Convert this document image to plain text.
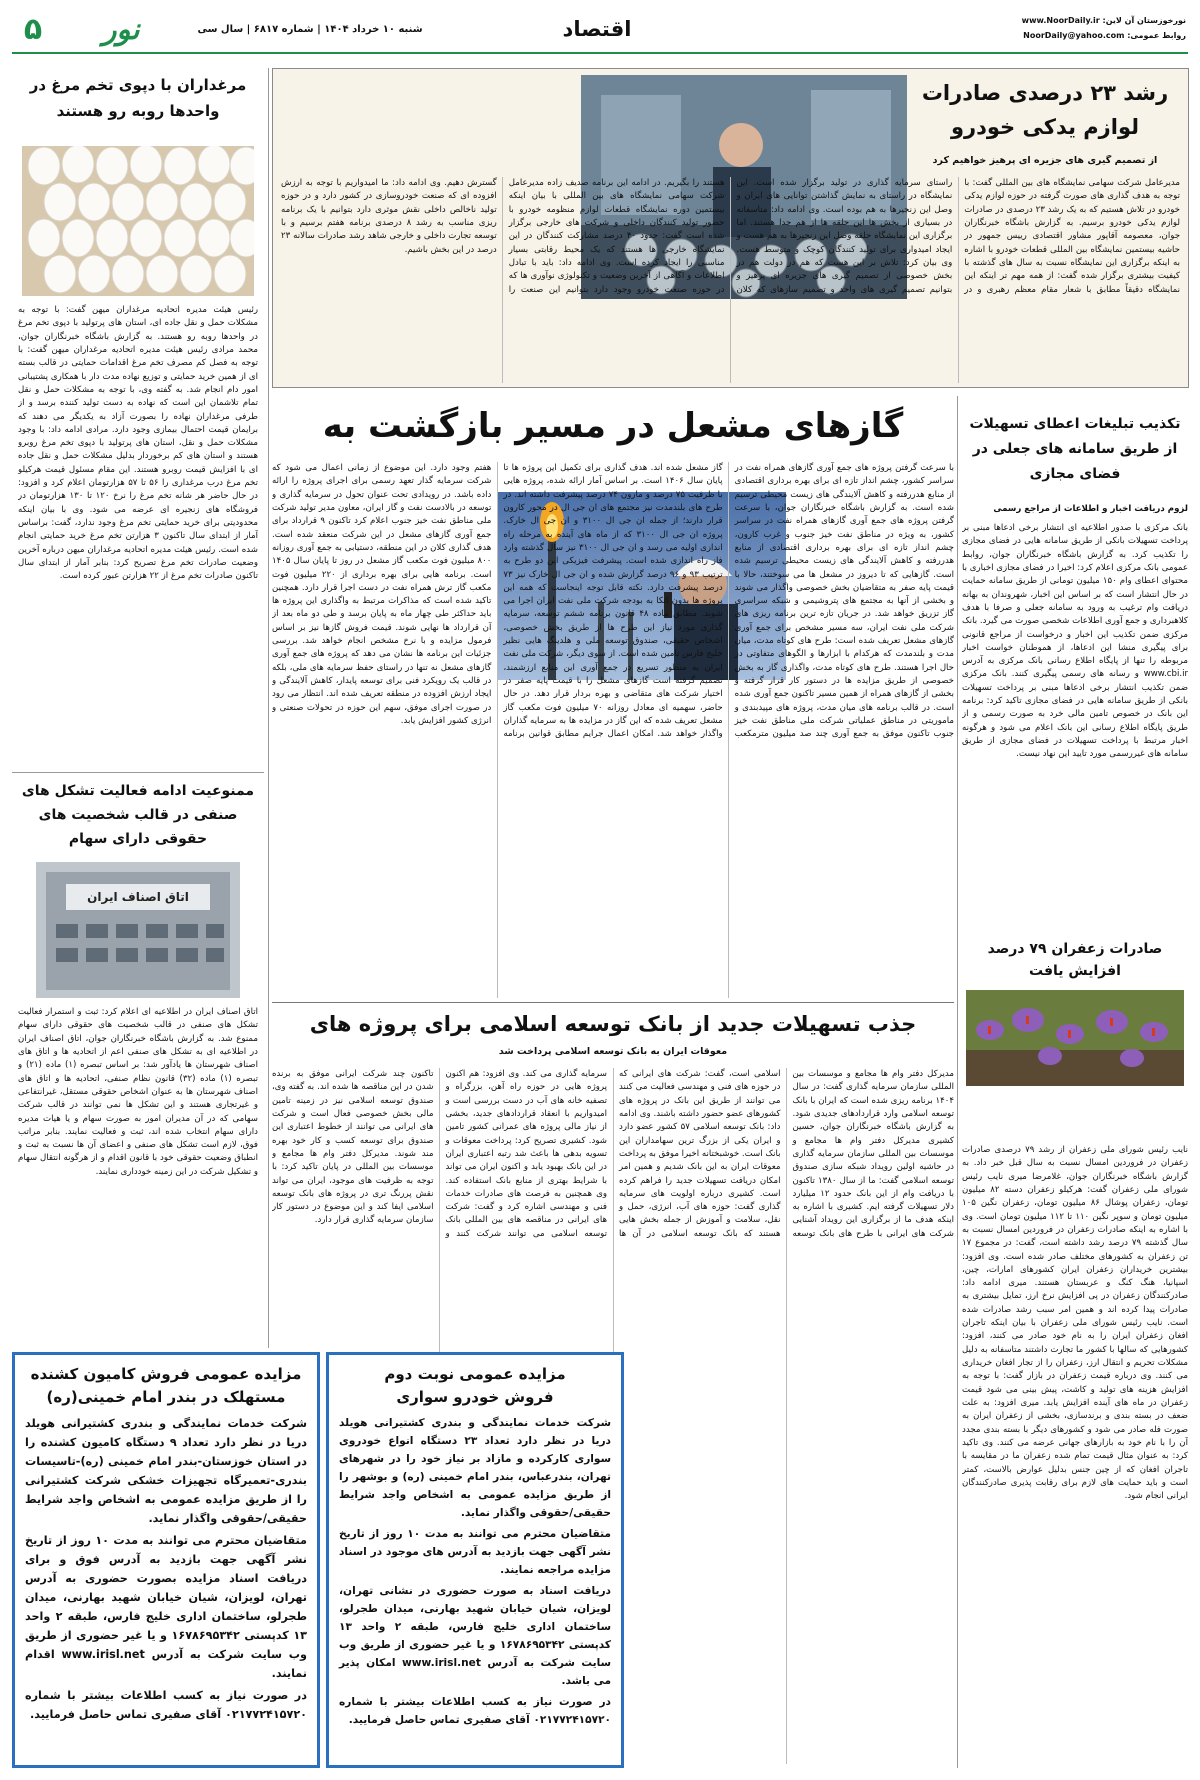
۵	نور	شنبه ۱۰ خرداد ۱۴۰۴ | شماره ۶۸۱۷ | سال سی	اقتصاد	نورخوزستان آن لاین: www.NoorDaily.ir
روابط عمومی: NoorDaily@yahoo.com
رشد ۲۳ درصدی صادرات لوازم یدکی خودرو
از تصمیم گیری های جزیره ای پرهیز خواهیم کرد
مدیرعامل شرکت سهامی نمایشگاه های بین المللی گفت: با توجه به هدف گذاری های صورت گرفته در حوزه لوازم یدکی خودرو در تلاش هستیم که به یک رشد ۲۳ درصدی در صادرات لوازم یدکی خودرو برسیم. به گزارش باشگاه خبرنگاران جوان، معصومه آقاپور مشاور اقتصادی رییس جمهور در حاشیه بیستمین نمایشگاه بین المللی قطعات خودرو با اشاره به اینکه برگزاری این نمایشگاه نسبت به سال های گذشته با کیفیت بیشتری برگزار شده گفت: از همه مهم تر اینکه این نمایشگاه دقیقاً مطابق با شعار مقام معظم رهبری و در راستای سرمایه گذاری در تولید برگزار شده است. این نمایشگاه در راستای به نمایش گذاشتن توانایی های ایران و وصل این زنجیرها به هم بوده است. وی ادامه داد: متاسفانه در بسیاری از بخش ها این حلقه ها از هم جدا هستند. اما برگزاری این نمایشگاه حلقه وصل این زنجیرها به هم هست و ایجاد امیدواری برای تولید کنندگان کوچک و متوسط هست. وی بیان کرد: تلاش بر این هست که هم در دولت هم در بخش خصوصی از تصمیم گیری های جزیره ای پرهیز و بتوانیم تصمیم گیری های واحد و تصمیم سازهای که کلان هستند را بگیریم. در ادامه این برنامه صدیف زاده مدیرعامل شرکت سهامی نمایشگاه های بین المللی با بیان اینکه بیستمین دوره نمایشگاه قطعات لوازم منظومه خودرو با حضور تولید کنندگان داخلی و شرکت های خارجی برگزار شده است گفت: حدود ۴۰ درصد مشارکت کنندگان در این نمایشگاه خارجی ها هستند که یک محیط رقابتی بسیار مناسبی را ایجاد کرده است. وی ادامه داد: باید با تبادل اطلاعات و آگاهی از آخرین وضعیت و تکنولوژی نوآوری ها که در حوزه صنعت خودرو وجود دارد بتوانیم این صنعت را گسترش دهیم. وی ادامه داد: ما امیدواریم با توجه به ارزش افزوده ای که صنعت خودروسازی در کشور دارد و در حوزه تولید ناخالص داخلی نقش موثری دارد بتوانیم با یک برنامه ریزی مناسب به رشد ۸ درصدی برنامه هفتم برسیم و با توسعه تجارت داخلی و خارجی شاهد رشد صادرات سالانه ۲۳ درصد در این بخش باشیم.
مرغداران با دپوی تخم مرغ در واحدها روبه رو هستند
رئیس هیئت مدیره اتحادیه مرغداران میهن گفت: با توجه به مشکلات حمل و نقل جاده ای، استان های پرتولید با دپوی تخم مرغ در واحدها روبه رو هستند. به گزارش باشگاه خبرنگاران جوان، محمد مرادی رئیس هیئت مدیره اتحادیه مرغداران میهن گفت: با توجه به فصل کم مصرف تخم مرغ اقدامات حمایتی در قالب بسته ای از همین خرید حمایتی و توزیع نهاده مدت دار با همکاری پشتیبانی امور دام انجام شد. به گفته وی، با توجه به مشکلات حمل و نقل تمام تلاشمان این است که نهاده به دست تولید کننده برسد و از طرفی مرغداران نهاده را بصورت آزاد به یکدیگر می دهند که برایمان قیمت احتمال بیمازی وجود دارد. مرادی ادامه داد: با وجود مشکلات حمل و نقل، استان های پرتولید با دپوی تخم مرغ روبرو هستند و استان های کم برخوردار بدلیل مشکلات حمل و نقل جاده ای با افزایش قیمت روبرو هستند. این مقام مسئول قیمت هرکیلو تخم مرغ درب مرغداری را ۵۶ تا ۵۷ هزارتومان اعلام کرد و افزود: در حال حاضر هر شانه تخم مرغ را نرخ ۱۲۰ تا ۱۳۰ هزارتومان در فروشگاه های زنجیره ای عرضه می شود. وی با بیان اینکه محدودیتی برای خرید حمایتی تخم مرغ وجود ندارد، گفت: براساس آمار از ابتدای سال تاکنون ۳ هزارتن تخم مرغ خرید حمایتی انجام شده است. رئیس هیئت مدیره اتحادیه مرغداران میهن درباره آخرین وضعیت صادرات تخم مرغ تصریح کرد: بنابر آمار از ابتدای سال تاکنون صادرات تخم مرغ از ۲۲ هزارتن عبور کرده است.
ممنوعیت ادامه فعالیت تشکل های صنفی در قالب شخصیت های حقوقی دارای سهام
اتاق اصناف ایران
اتاق اصناف ایران در اطلاعیه ای اعلام کرد: ثبت و استمرار فعالیت تشکل های صنفی در قالب شخصیت های حقوقی دارای سهام ممنوع شد. به گزارش باشگاه خبرنگاران جوان، اتاق اصناف ایران در اطلاعیه ای به تشکل های صنفی اعم از اتحادیه ها و اتاق های اصناف شهرستان ها یادآور شد: بر اساس تبصره (۱) ماده (۲۱) و تبصره (۱) ماده (۳۲) قانون نظام صنفی، اتحادیه ها و اتاق های اصناف شهرستان ها به عنوان اشخاص حقوقی مستقل، غیرانتفاعی و غیرتجاری هستند و این تشکل ها نمی توانند در قالب شرکت سهامی که در آن مدیران امور به صورت سهام و یا هیات مدیره دارای سهام انتخاب شده اند، ثبت و فعالیت نمایند. بنابر مراتب فوق، لازم است تشکل های صنفی و اعضای آن ها نسبت به ثبت و انطباق وضعیت حقوقی خود با قانون اقدام و از هرگونه انتقال سهام و تشکیل شرکت در این زمینه خودداری نمایند.
تکذیب تبلیغات اعطای تسهیلات از طریق سامانه های جعلی در فضای مجازی
لزوم دریافت اخبار و اطلاعات از مراجع رسمی
بانک مرکزی با صدور اطلاعیه ای انتشار برخی ادعاها مبنی بر پرداخت تسهیلات بانکی از طریق سامانه هایی در فضای مجازی را تکذیب کرد. به گزارش باشگاه خبرنگاران جوان، روابط عمومی بانک مرکزی اعلام کرد: اخیرا در فضای مجازی اخباری با محتوای اعطای وام ۱۵۰ میلیون تومانی از طریق سامانه حمایت در حال انتشار است که بر اساس این اخبار، شهروندان به بهانه دریافت وام ترغیب به ورود به سامانه جعلی و صرفا با هدف کلاهبرداری و جمع آوری اطلاعات شخصی صورت می گیرد. بانک مرکزی ضمن تکذیب این اخبار و درخواست از مراجع قانونی برای پیگیری منشا این ادعاها، از هموطنان خواست اخبار مربوطه را تنها از پایگاه اطلاع رسانی بانک مرکزی به آدرس www.cbi.ir و رسانه های رسمی پیگیری کنند. بانک مرکزی ضمن تکذیب انتشار برخی ادعاها مبنی بر پرداخت تسهیلات بانکی از طریق سامانه هایی در فضای مجازی تاکید کرد: برنامه این بانک در خصوص تامین مالی خرد به صورت رسمی و از طریق پایگاه اطلاع رسانی این بانک اعلام می شود و هرگونه اخبار مرتبط با پرداخت تسهیلات در فضای مجازی از طریق سامانه های غیررسمی مورد تایید این نهاد نیست.
صادرات زعفران ۷۹ درصد افزایش یافت
نایب رئیس شورای ملی زعفران از رشد ۷۹ درصدی صادرات زعفران در فروردین امسال نسبت به سال قبل خبر داد. به گزارش باشگاه خبرنگاران جوان، غلامرضا میری نایب رئیس شورای ملی زعفران گفت: هرکیلو زعفران دسته ۸۲ میلیون تومان، زعفران پوشال ۸۶ میلیون تومان، زعفران نگین ۱۰۵ میلیون تومان و سوپر نگین ۱۱۰ تا ۱۱۲ میلیون تومان است. وی با اشاره به اینکه صادرات زعفران در فروردین امسال نسبت به سال گذشته ۷۹ درصد رشد داشته است، گفت: در مجموع ۱۷ تن زعفران به کشورهای مختلف صادر شده است. وی افزود: بیشترین خریداران زعفران ایران کشورهای امارات، چین، اسپانیا، هنگ کنگ و عربستان هستند. میری ادامه داد: صادرکنندگان زعفران در پی افزایش نرخ ارز، تمایل بیشتری به صادرات پیدا کرده اند و همین امر سبب رشد صادرات شده است. نایب رئیس شورای ملی زعفران با بیان اینکه تاجران افغان زعفران ایران را به نام خود صادر می کنند، افزود: کشورهایی که سالها با کشور ما تجارت داشتند متاسفانه به دلیل مشکلات تحریم و انتقال ارز، زعفران را از تجار افغان خریداری می کنند. وی درباره قیمت زعفران در بازار گفت: با توجه به افزایش هزینه های تولید و کاشت، پیش بینی می شود قیمت زعفران در ماه های آینده افزایش یابد. میری افزود: به علت ضعف در بسته بندی و برندسازی، بخشی از زعفران ایران به صورت فله صادر می شود و کشورهای دیگر با بسته بندی مجدد آن را با نام خود به بازارهای جهانی عرضه می کنند. وی تاکید کرد: به عنوان مثال قیمت تمام شده زعفران ما در مقایسه با تاجران افغان که از چین جنس بدلیل عوارض بالاست، کمتر است و باید حمایت های لازم برای رقابت پذیری صادرکنندگان ایرانی انجام شود.
گازهای مشعل در مسیر بازگشت به
با سرعت گرفتن پروژه های جمع آوری گازهای همراه نفت در سراسر کشور، چشم انداز تازه ای برای بهره برداری اقتصادی از منابع هدررفته و کاهش آلایندگی های زیست محیطی ترسیم شده است. به گزارش باشگاه خبرنگاران جوان، با سرعت گرفتن پروژه های جمع آوری گازهای همراه نفت در سراسر کشور، به ویژه در مناطق نفت خیز جنوب و غرب کارون، چشم انداز تازه ای برای بهره برداری اقتصادی از منابع هدررفته و کاهش آلایندگی های زیست محیطی ترسیم شده است. گازهایی که تا دیروز در مشعل ها می سوختند، حالا با قیمت پایه صفر به متقاضیان بخش خصوصی واگذار می شوند و بخشی از آنها به مجتمع های پتروشیمی و شبکه سراسری گاز تزریق خواهد شد. در جریان تازه ترین برنامه ریزی های شرکت ملی نفت ایران، سه مسیر مشخص برای جمع آوری گازهای مشعل تعریف شده است: طرح های کوتاه مدت، میان مدت و بلندمدت که هرکدام با ابزارها و الگوهای متفاوتی در حال اجرا هستند. طرح های کوتاه مدت، واگذاری گاز به بخش خصوصی از طریق مزایده ها در دستور کار قرار گرفته و بخشی از گازهای همراه از همین مسیر تاکنون جمع آوری شده است. در قالب برنامه های میان مدت، پروژه های مپیدبندی و ماموریتی در مناطق عملیاتی شرکت ملی مناطق نفت خیز جنوب تاکنون موفق به جمع آوری چند صد میلیون مترمکعب گاز مشعل شده اند. هدف گذاری برای تکمیل این پروژه ها تا پایان سال ۱۴۰۶ است. بر اساس آمار ارائه شده، پروژه هایی با ظرفیت ۷۵ درصد و مارون ۷۴ درصد پیشرفت داشته اند. در طرح های بلندمدت نیز مجتمع های ان جی ال در محور کارون قرار دارند؛ از جمله ان جی ال ۳۱۰۰ و ان جی ال خارک. پروژه ان جی ال ۳۱۰۰ که از ماه های آینده به مرحله راه اندازی اولیه می رسد و ان جی ال ۳۱۰۰ نیز سال گذشته وارد فاز راه اندازی شده است. پیشرفت فیزیکی این دو طرح به ترتیب ۹۳ و ۹۶ درصد گزارش شده و ان جی ال خارک نیز ۷۳ درصد پیشرفت دارد. نکته قابل توجه اینجاست که همه این پروژه ها بدون اتکا به بودجه شرکت ملی نفت ایران اجرا می شوند. مطابق ماده ۴۸ قانون برنامه ششم توسعه، سرمایه گذاری مورد نیاز این طرح ها از طریق بخش خصوصی، اشخاص حقیقی، صندوق توسعه ملی و هلدینگ هایی نظیر خلیج فارس تامین شده است. از سوی دیگر، شرکت ملی نفت ایران به منظور تسریع در جمع آوری این منابع ارزشمند، تصمیم گرفته است گازهای مشعل را با قیمت پایه صفر در اختیار شرکت های متقاضی و بهره بردار قرار دهد. در حال حاضر، سهمیه ای معادل روزانه ۷۰ میلیون فوت مکعب گاز مشعل تعریف شده که این گاز در مزایده ها به سرمایه گذاران واگذار خواهد شد. امکان اعمال جرایم مطابق قوانین برنامه هفتم وجود دارد. این موضوع از زمانی اعمال می شود که شرکت سرمایه گذار تعهد رسمی برای اجرای پروژه را ارائه داده باشد. در رویدادی تحت عنوان تحول در سرمایه گذاری و توسعه در بالادست نفت و گاز ایران، معاون مدیر تولید شرکت ملی مناطق نفت خیز جنوب اعلام کرد تاکنون ۹ قرارداد برای جمع آوری گازهای مشعل در این شرکت منعقد شده است. هدف گذاری کلان در این منطقه، دستیابی به جمع آوری روزانه ۸۰۰ میلیون فوت مکعب گاز مشعل در روز تا پایان سال ۱۴۰۵ است. برنامه هایی برای بهره برداری از ۲۲۰ میلیون فوت مکعب گاز ترش همراه نفت در دست اجرا قرار دارد. همچنین تاکید شده است که مذاکرات مرتبط به واگذاری این پروژه ها باید حداکثر طی چهار ماه به پایان برسد و طی دو ماه بعد از آن قرارداد ها نهایی شوند. قیمت فروش گازها نیز بر اساس فرمول مزایده و با نرخ مشخص انجام خواهد شد. بررسی جزئیات این برنامه ها نشان می دهد که پروژه های جمع آوری گازهای مشعل نه تنها در راستای حفظ سرمایه های ملی، بلکه در قالب یک رویکرد فنی برای توسعه پایدار، کاهش آلایندگی و ایجاد ارزش افزوده در منطقه تعریف شده اند. انتظار می رود در صورت اجرای موفق، سهم این حوزه در تحولات صنعتی و انرژی کشور افزایش یابد.
جذب تسهیلات جدید از بانک توسعه اسلامی برای پروژه های
معوقات ایران به بانک توسعه اسلامی پرداخت شد
مدیرکل دفتر وام ها مجامع و موسسات بین المللی سازمان سرمایه گذاری گفت: در سال ۱۴۰۴ برنامه ریزی شده است که ایران با بانک توسعه اسلامی وارد قراردادهای جدیدی شود. به گزارش باشگاه خبرنگاران جوان، حسین کشیری مدیرکل دفتر وام ها مجامع و موسسات بین المللی سازمان سرمایه گذاری در حاشیه اولین رویداد شبکه سازی صندوق توسعه اسلامی گفت: ما از سال ۱۳۸۰ تاکنون با دریافت وام از این بانک حدود ۱۲ میلیارد دلار تسهیلات گرفته ایم. کشیری با اشاره به اینکه هدف ما از برگزاری این رویداد آشنایی شرکت های ایرانی با طرح های بانک توسعه اسلامی است، گفت: شرکت های ایرانی که در حوزه های فنی و مهندسی فعالیت می کنند می توانند از طریق این بانک در پروژه های کشورهای عضو حضور داشته باشند. وی ادامه داد: بانک توسعه اسلامی ۵۷ کشور عضو دارد و ایران یکی از بزرگ ترین سهامداران این بانک است. خوشبختانه اخیرا موفق به پرداخت معوقات ایران به این بانک شدیم و همین امر امکان دریافت تسهیلات جدید را فراهم کرده است. کشیری درباره اولویت های سرمایه گذاری گفت: حوزه های آب، انرژی، حمل و نقل، سلامت و آموزش از جمله بخش هایی هستند که بانک توسعه اسلامی در آن ها سرمایه گذاری می کند. وی افزود: هم اکنون پروژه هایی در حوزه راه آهن، بزرگراه و تصفیه خانه های آب در دست بررسی است و امیدواریم با انعقاد قراردادهای جدید، بخشی از نیاز مالی پروژه های عمرانی کشور تامین شود. کشیری تصریح کرد: پرداخت معوقات و تسویه بدهی ها باعث شد رتبه اعتباری ایران در این بانک بهبود یابد و اکنون ایران می تواند با شرایط بهتری از منابع بانک استفاده کند. وی همچنین به فرصت های صادرات خدمات فنی و مهندسی اشاره کرد و گفت: شرکت های ایرانی در مناقصه های بین المللی بانک توسعه اسلامی می توانند شرکت کنند و تاکنون چند شرکت ایرانی موفق به برنده شدن در این مناقصه ها شده اند. به گفته وی، صندوق توسعه اسلامی نیز در زمینه تامین مالی بخش خصوصی فعال است و شرکت های ایرانی می توانند از خطوط اعتباری این صندوق برای توسعه کسب و کار خود بهره مند شوند. مدیرکل دفتر وام ها مجامع و موسسات بین المللی در پایان تاکید کرد: با توجه به ظرفیت های موجود، ایران می تواند نقش پررنگ تری در پروژه های بانک توسعه اسلامی ایفا کند و این موضوع در دستور کار سازمان سرمایه گذاری قرار دارد.
مزایده عمومی فروش کامیون کشنده
مستهلک در بندر امام خمینی(ره)

شرکت خدمات نمایندگی و بندری کشتیرانی هویلد دریا در نظر دارد تعداد ۹ دستگاه کامیون کشنده را در استان خوزستان-بندر امام خمینی (ره)-تاسیسات بندری-تعمیرگاه تجهیزات خشکی شرکت کشتیرانی را از طریق مزایده عمومی به اشخاص واجد شرایط حقیقی/حقوقی واگذار نماید.

متقاضیان محترم می توانند به مدت ۱۰ روز از تاریخ نشر آگهی جهت بازدید به آدرس فوق و برای دریافت اسناد مزایده بصورت حضوری به آدرس تهران، لویزان، شیان خیابان شهید بهارنی، میدان طجرلو، ساختمان اداری خلیج فارس، طبقه ۲ واحد ۱۳ کدپستی ۱۶۷۸۶۹۵۳۴۲ و یا غیر حضوری از طریق وب سایت شرکت به آدرس www.irisl.net اقدام نمایند.

در صورت نیاز به کسب اطلاعات بیشتر با شماره ۰۲۱۷۷۲۴۱۵۷۲۰ آقای صفیری تماس حاصل فرمایید.

مزایده عمومی نوبت دوم
فروش خودرو سواری

شرکت خدمات نمایندگی و بندری کشتیرانی هویلد دریا در نظر دارد تعداد ۲۳ دستگاه انواع خودروی سواری کارکرده و مازاد بر نیاز خود را در شهرهای تهران، بندرعباس، بندر امام خمینی (ره) و بوشهر را از طریق مزایده عمومی به اشخاص واجد شرایط حقیقی/حقوقی واگذار نماید.

متقاضیان محترم می توانند به مدت ۱۰ روز از تاریخ نشر آگهی جهت بازدید به آدرس های موجود در اسناد مزایده مراجعه نمایند.

دریافت اسناد به صورت حضوری در نشانی تهران، لویزان، شیان خیابان شهید بهارنی، میدان طجرلو، ساختمان اداری خلیج فارس، طبقه ۲ واحد ۱۳ کدپستی ۱۶۷۸۶۹۵۳۴۲ و یا غیر حضوری از طریق وب سایت شرکت به آدرس www.irisl.net امکان پذیر می باشد.

در صورت نیاز به کسب اطلاعات بیشتر با شماره ۰۲۱۷۷۲۴۱۵۷۲۰ آقای صفیری تماس حاصل فرمایید.
